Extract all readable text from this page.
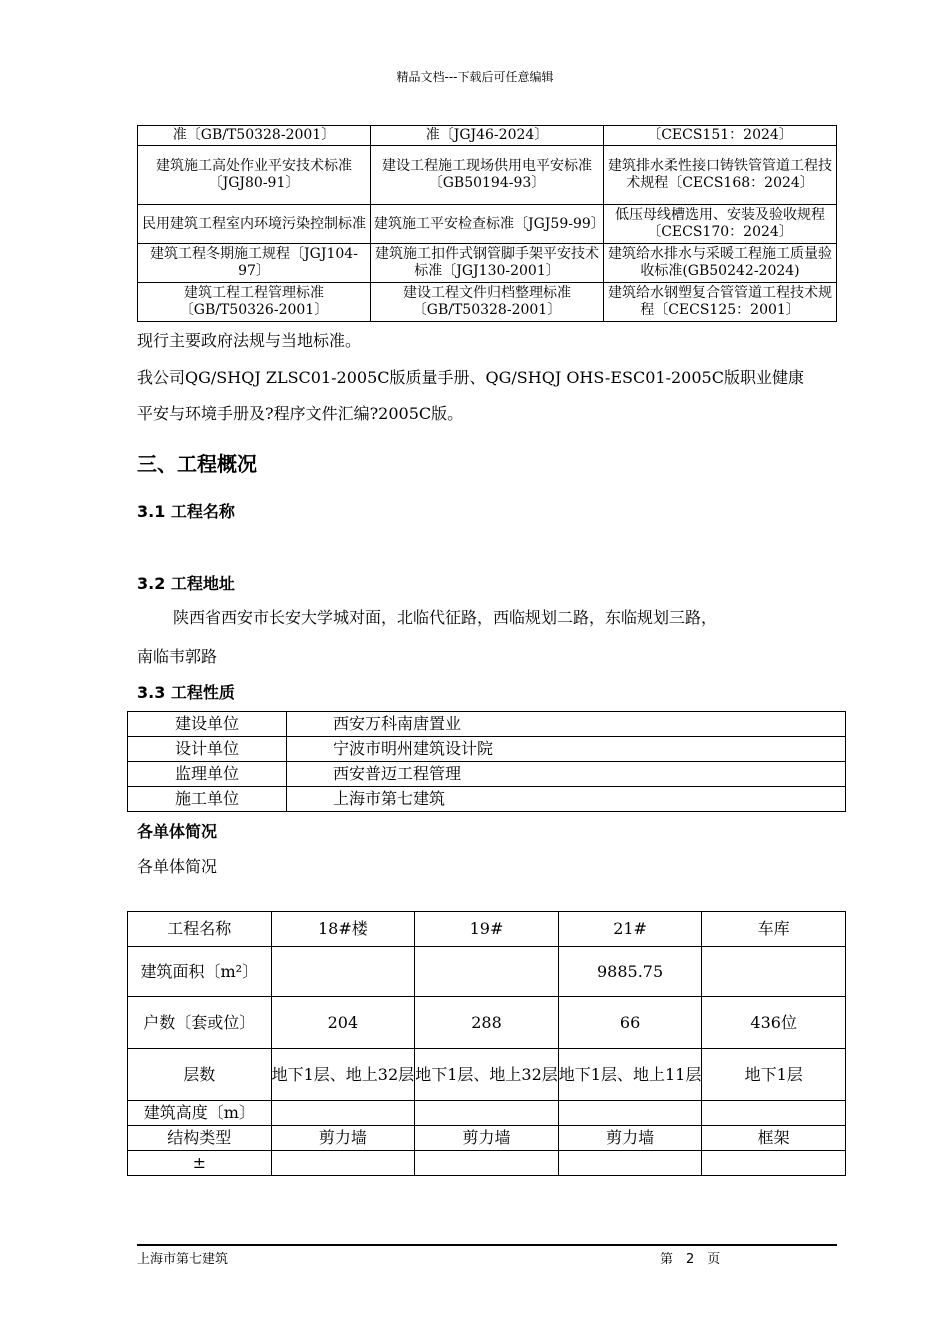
精品文档---下载后可任意编辑
准〔GB/T50328-2001〕	准〔JGJ46-2024〕	〔CECS151：2024〕
建筑施工高处作业平安技术标准〔JGJ80-91〕	建设工程施工现场供用电平安标准〔GB50194-93〕	建筑排水柔性接口铸铁管管道工程技术规程〔CECS168：2024〕
民用建筑工程室内环境污染控制标准	建筑施工平安检查标准〔JGJ59-99〕	低压母线槽选用、安装及验收规程〔CECS170：2024〕
建筑工程冬期施工规程〔JGJ104-97〕	建筑施工扣件式钢管脚手架平安技术标准〔JGJ130-2001〕	建筑给水排水与采暖工程施工质量验收标准(GB50242-2024)
建筑工程工程管理标准〔GB/T50326-2001〕	建设工程文件归档整理标准〔GB/T50328-2001〕	建筑给水钢塑复合管管道工程技术规程〔CECS125：2001〕
现行主要政府法规与当地标准。
我公司QG/SHQJ ZLSC01-2005C版质量手册、QG/SHQJ OHS-ESC01-2005C版职业健康
平安与环境手册及?程序文件汇编?2005C版。
三、工程概况
3.1 工程名称
3.2 工程地址
陕西省西安市长安大学城对面，北临代征路，西临规划二路，东临规划三路，
南临韦郭路
3.3 工程性质
建设单位	西安万科南唐置业
设计单位	宁波市明州建筑设计院
监理单位	西安普迈工程管理
施工单位	上海市第七建筑
各单体简况
各单体简况
工程名称	18#楼	19#	21#	车库
建筑面积〔m²〕			9885.75	
户数〔套或位〕	204	288	66	436位
层数	地下1层、地上32层	地下1层、地上32层	地下1层、地上11层	地下1层
建筑高度〔m〕				
结构类型	剪力墙	剪力墙	剪力墙	框架
±				
上海市第七建筑	第　2　页
